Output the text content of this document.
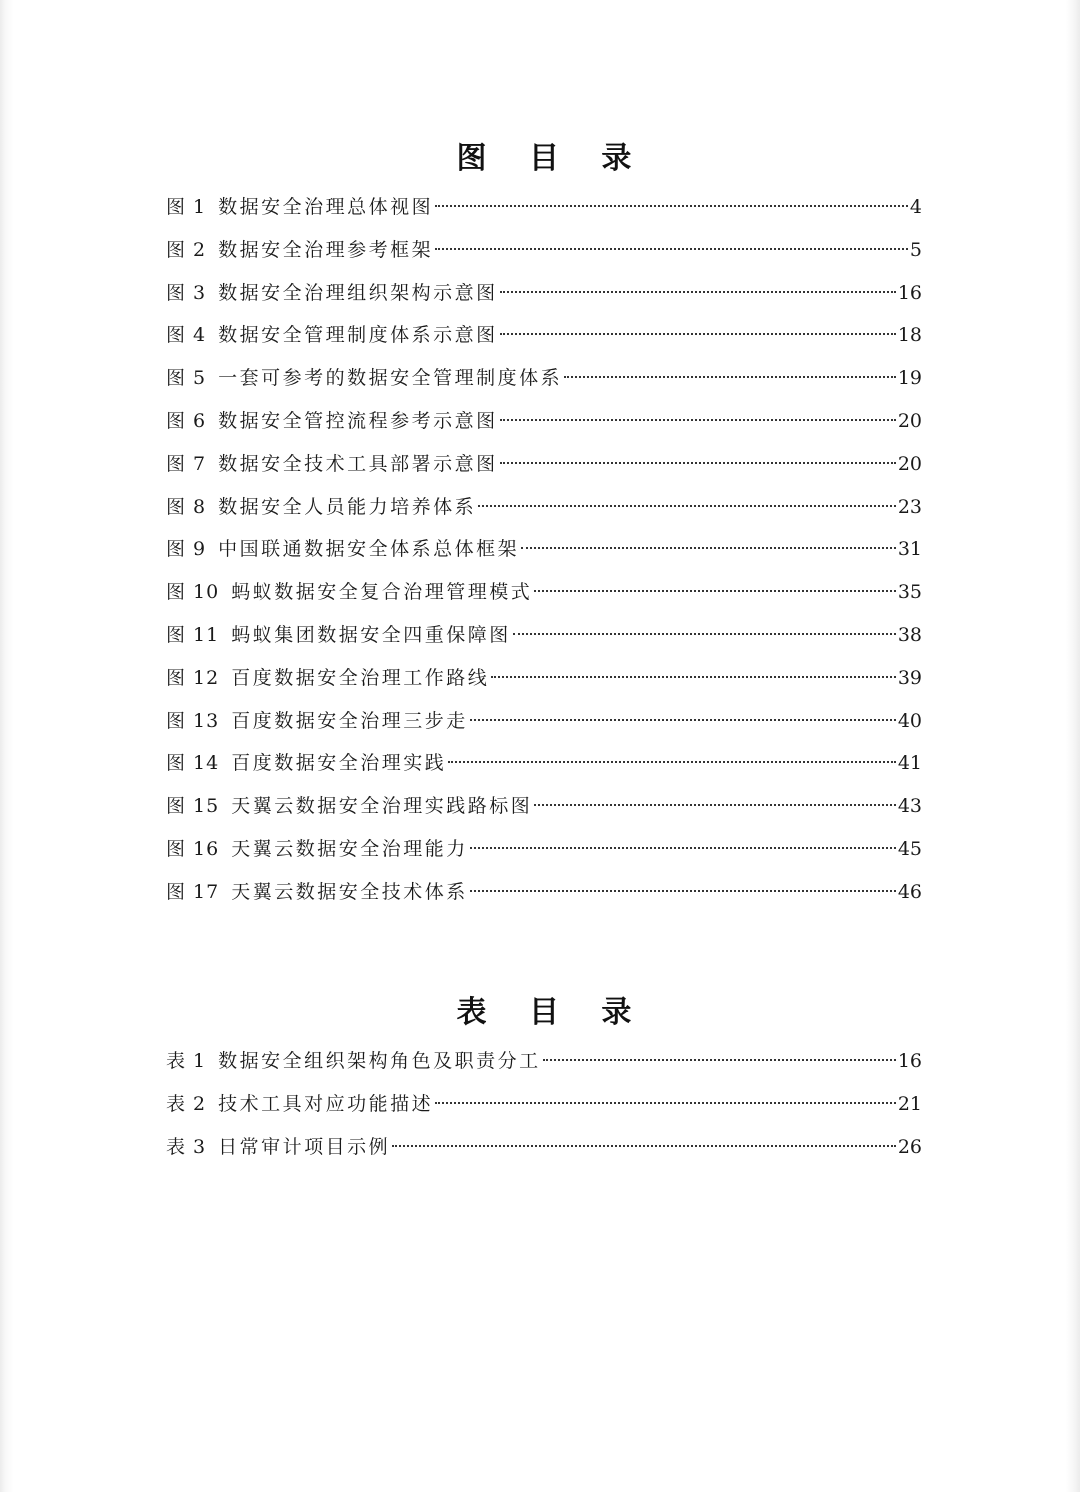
图 目 录
图 1 数据安全治理总体视图	4
图 2 数据安全治理参考框架	5
图 3 数据安全治理组织架构示意图	16
图 4 数据安全管理制度体系示意图	18
图 5 一套可参考的数据安全管理制度体系	19
图 6 数据安全管控流程参考示意图	20
图 7 数据安全技术工具部署示意图	20
图 8 数据安全人员能力培养体系	23
图 9 中国联通数据安全体系总体框架	31
图 10 蚂蚁数据安全复合治理管理模式	35
图 11 蚂蚁集团数据安全四重保障图	38
图 12 百度数据安全治理工作路线	39
图 13 百度数据安全治理三步走	40
图 14 百度数据安全治理实践	41
图 15 天翼云数据安全治理实践路标图	43
图 16 天翼云数据安全治理能力	45
图 17 天翼云数据安全技术体系	46
表 目 录
表 1 数据安全组织架构角色及职责分工	16
表 2 技术工具对应功能描述	21
表 3 日常审计项目示例	26
